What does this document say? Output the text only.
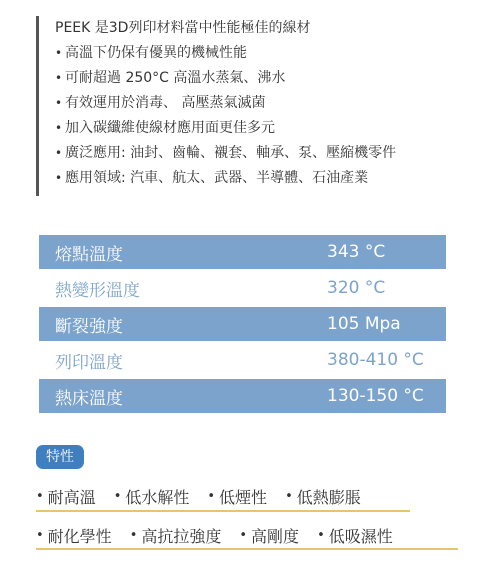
PEEK 是3D列印材料當中性能極佳的線材
• 高溫下仍保有優異的機械性能
• 可耐超過 250°C 高溫水蒸氣、沸水
• 有效運用於消毒、 高壓蒸氣滅菌
• 加入碳纖維使線材應用面更佳多元
• 廣泛應用: 油封、齒輪、襯套、軸承、泵、壓縮機零件
• 應用領域: 汽車、航太、武器、半導體、石油產業
熔點溫度	343 °C
熱變形溫度	320 °C
斷裂強度	105 Mpa
列印溫度	380-410 °C
熱床溫度	130-150 °C
特性
• 耐高溫 • 低水解性 • 低煙性 • 低熱膨脹
• 耐化學性 • 高抗拉強度 • 高剛度 • 低吸濕性
